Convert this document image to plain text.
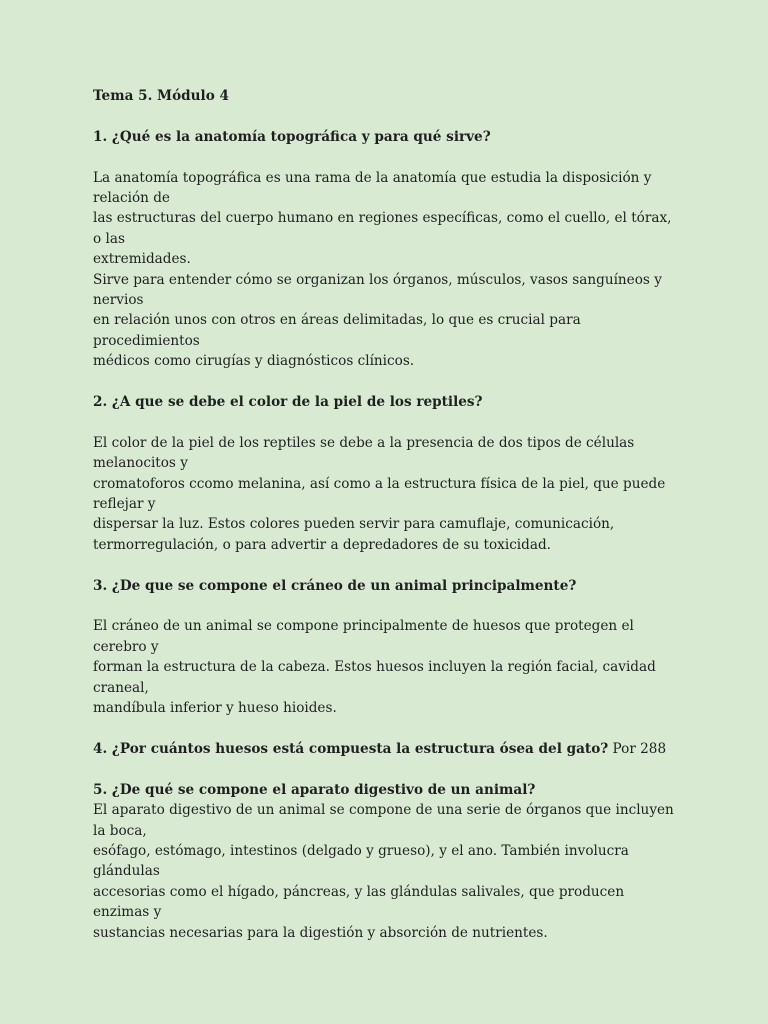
Tema 5. Módulo 4

1. ¿Qué es la anatomía topográfica y para qué sirve?

La anatomía topográfica es una rama de la anatomía que estudia la disposición y relación de
las estructuras del cuerpo humano en regiones específicas, como el cuello, el tórax, o las
extremidades.
Sirve para entender cómo se organizan los órganos, músculos, vasos sanguíneos y nervios
en relación unos con otros en áreas delimitadas, lo que es crucial para procedimientos
médicos como cirugías y diagnósticos clínicos.

2. ¿A que se debe el color de la piel de los reptiles?

El color de la piel de los reptiles se debe a la presencia de dos tipos de células melanocitos y
cromatoforos ccomo melanina, así como a la estructura física de la piel, que puede reflejar y
dispersar la luz. Estos colores pueden servir para camuflaje, comunicación,
termorregulación, o para advertir a depredadores de su toxicidad.

3. ¿De que se compone el cráneo de un animal principalmente?

El cráneo de un animal se compone principalmente de huesos que protegen el cerebro y
forman la estructura de la cabeza. Estos huesos incluyen la región facial, cavidad craneal,
mandíbula inferior y hueso hioides.

4. ¿Por cuántos huesos está compuesta la estructura ósea del gato? Por 288

5. ¿De qué se compone el aparato digestivo de un animal?

El aparato digestivo de un animal se compone de una serie de órganos que incluyen la boca,
esófago, estómago, intestinos (delgado y grueso), y el ano. También involucra glándulas
accesorias como el hígado, páncreas, y las glándulas salivales, que producen enzimas y
sustancias necesarias para la digestión y absorción de nutrientes.
